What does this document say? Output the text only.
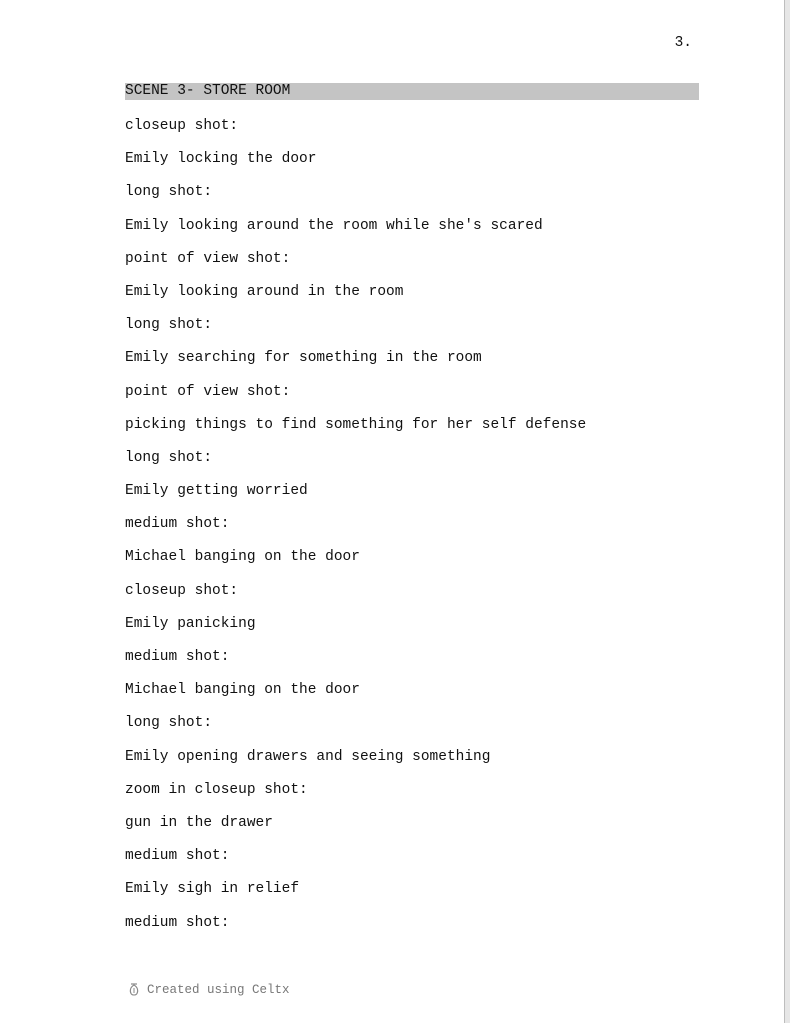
3.
SCENE 3- STORE ROOM
closeup shot:
Emily locking the door
long shot:
Emily looking around the room while she's scared
point of view shot:
Emily looking around in the room
long shot:
Emily searching for something in the room
point of view shot:
picking things to find something for her self defense
long shot:
Emily getting worried
medium shot:
Michael banging on the door
closeup shot:
Emily panicking
medium shot:
Michael banging on the door
long shot:
Emily opening drawers and seeing something
zoom in closeup shot:
gun in the drawer
medium shot:
Emily sigh in relief
medium shot:
Created using Celtx
